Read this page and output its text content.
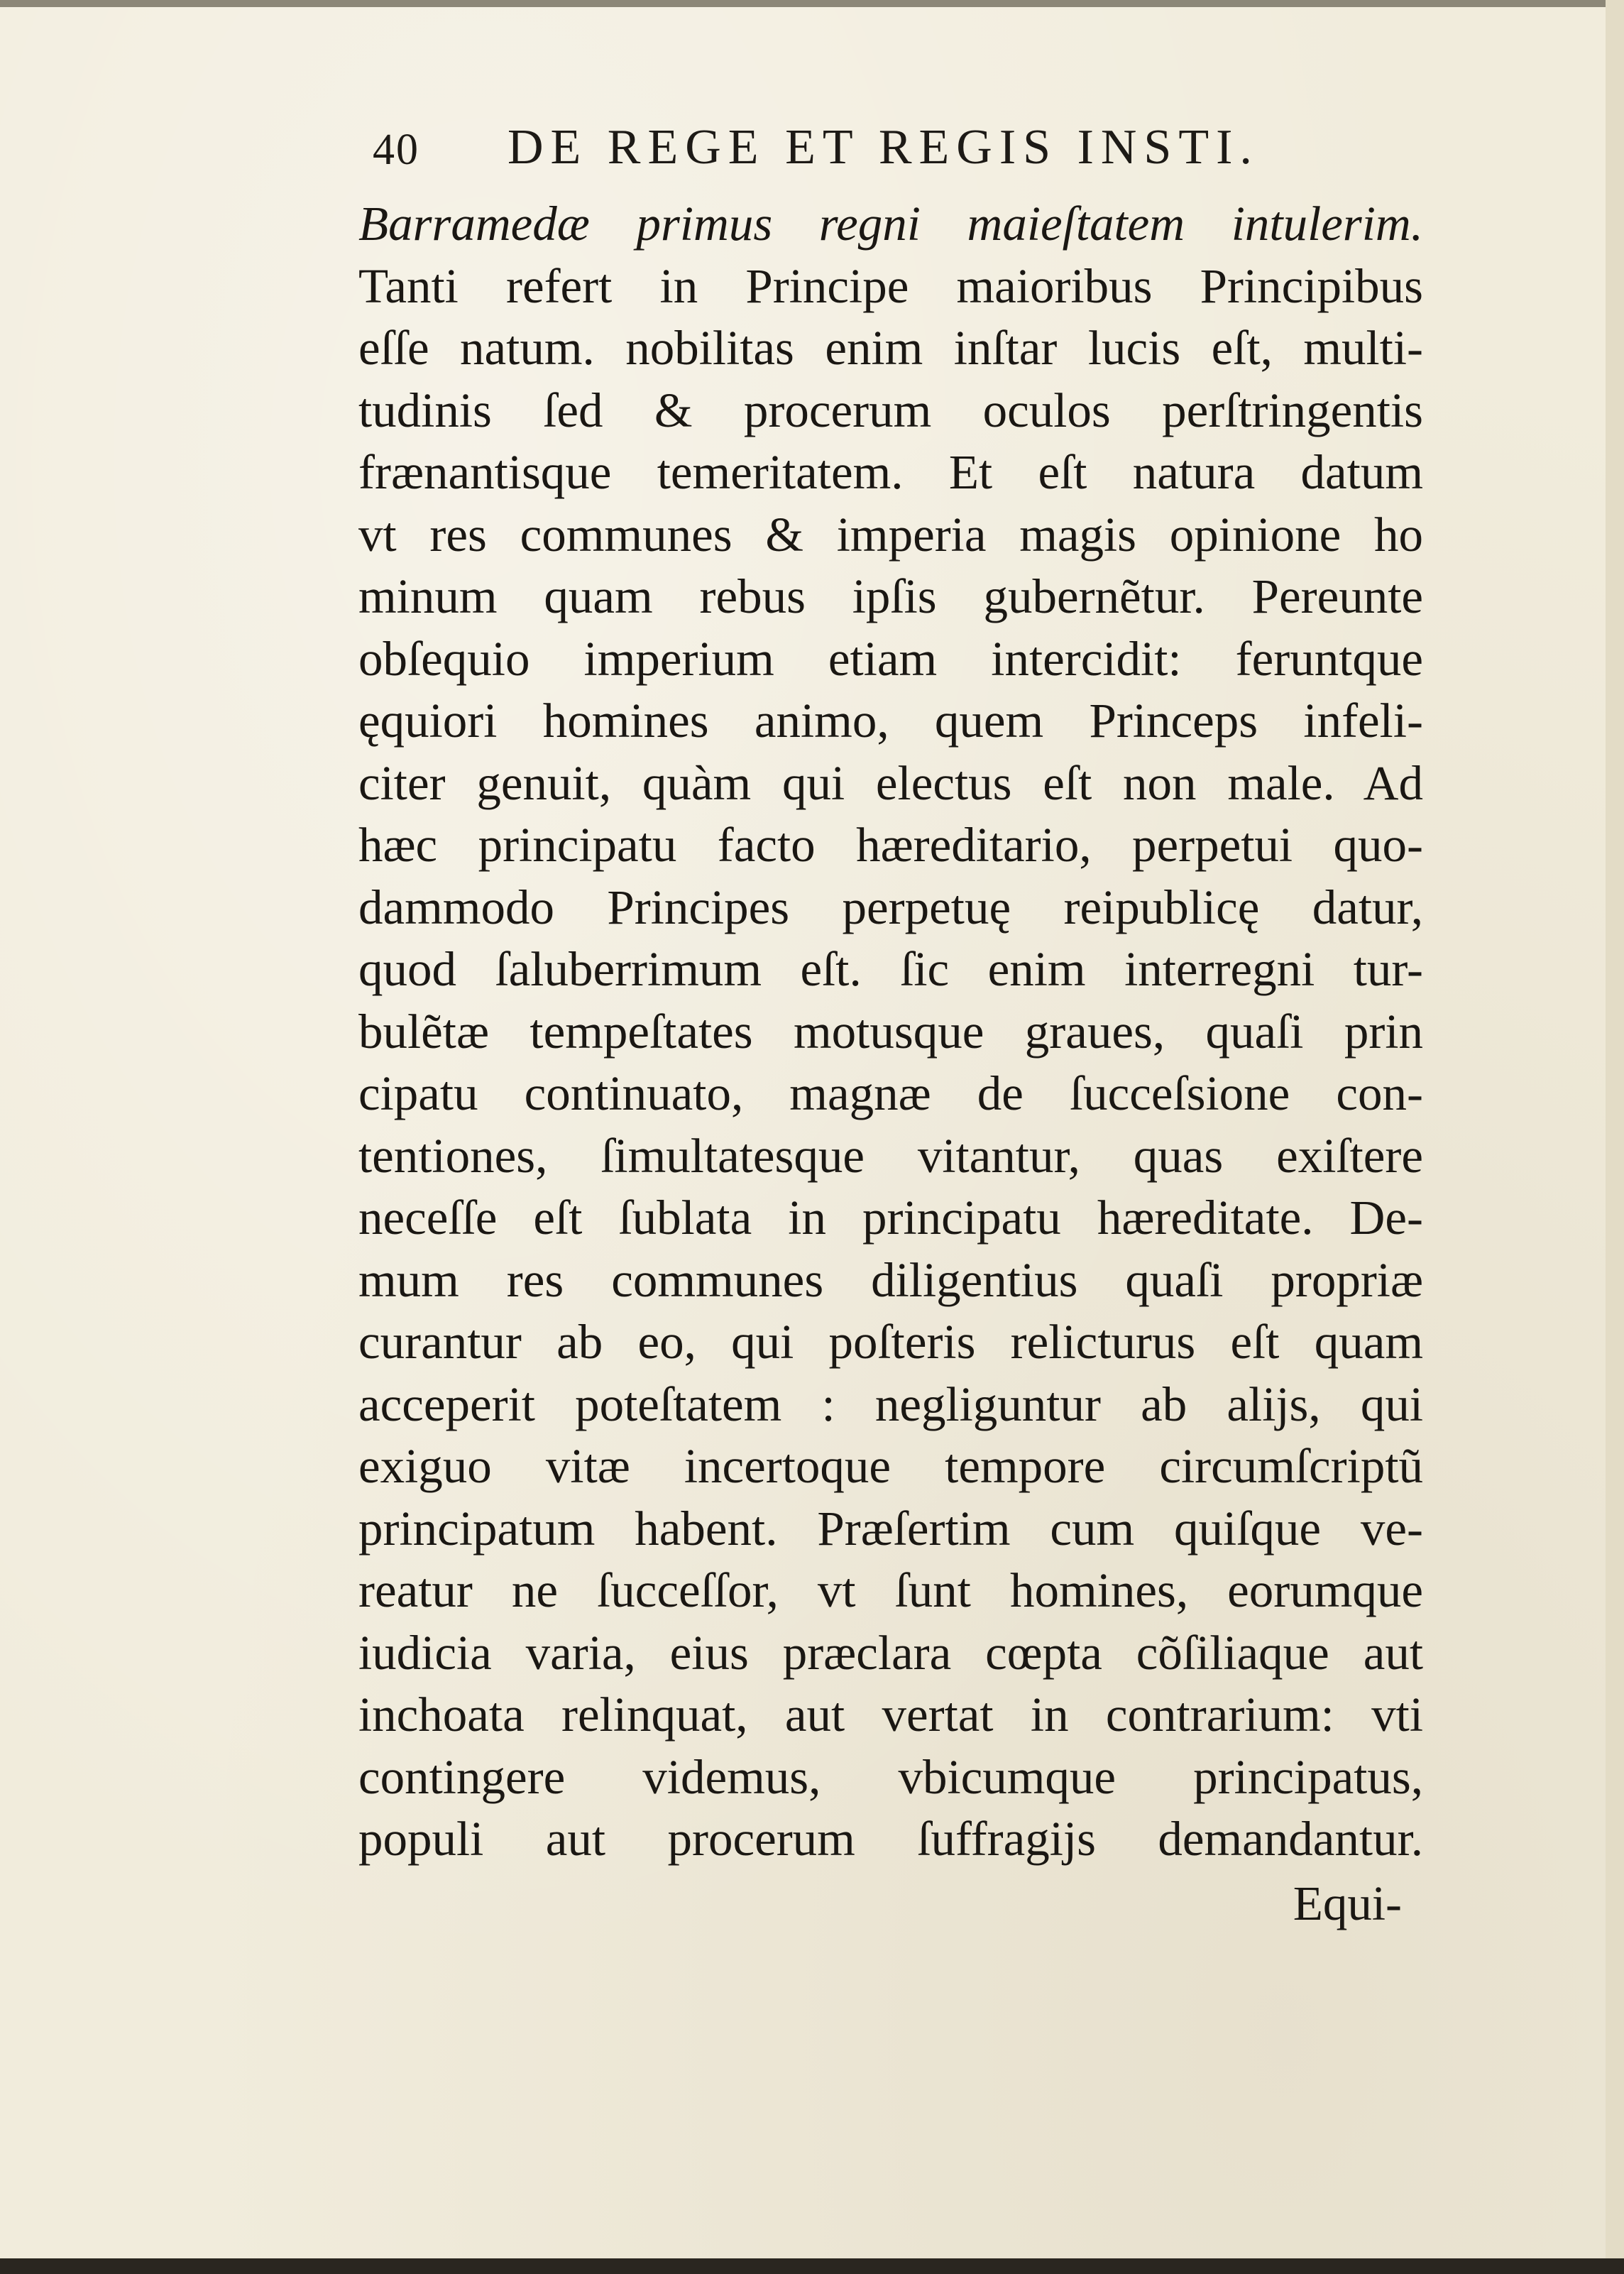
40 DE REGE ET REGIS INSTI.
Barramedæ primus regni maieſtatem intulerim.
Tanti refert in Principe maioribus Principibus
eſſe natum. nobilitas enim inſtar lucis eſt, multi-
tudinis ſed & procerum oculos perſtringentis
frænantisque temeritatem. Et eſt natura datum
vt res communes & imperia magis opinione ho
minum quam rebus ipſis gubernẽtur. Pereunte
obſequio imperium etiam intercidit: feruntque
ęquiori homines animo, quem Princeps infeli-
citer genuit, quàm qui electus eſt non male. Ad
hæc principatu facto hæreditario, perpetui quo-
dammodo Principes perpetuę reipublicę datur,
quod ſaluberrimum eſt. ſic enim interregni tur-
bulẽtæ tempeſtates motusque graues, quaſi prin
cipatu continuato, magnæ de ſucceſsione con-
tentiones, ſimultatesque vitantur, quas exiſtere
neceſſe eſt ſublata in principatu hæreditate. De-
mum res communes diligentius quaſi propriæ
curantur ab eo, qui poſteris relicturus eſt quam
acceperit poteſtatem : negliguntur ab alijs, qui
exiguo vitæ incertoque tempore circumſcriptũ
principatum habent. Præſertim cum quiſque ve-
reatur ne ſucceſſor, vt ſunt homines, eorumque
iudicia varia, eius præclara cœpta cõſiliaque aut
inchoata relinquat, aut vertat in contrarium: vti
contingere videmus, vbicumque principatus,
populi aut procerum ſuffragijs demandantur.
Equi-
